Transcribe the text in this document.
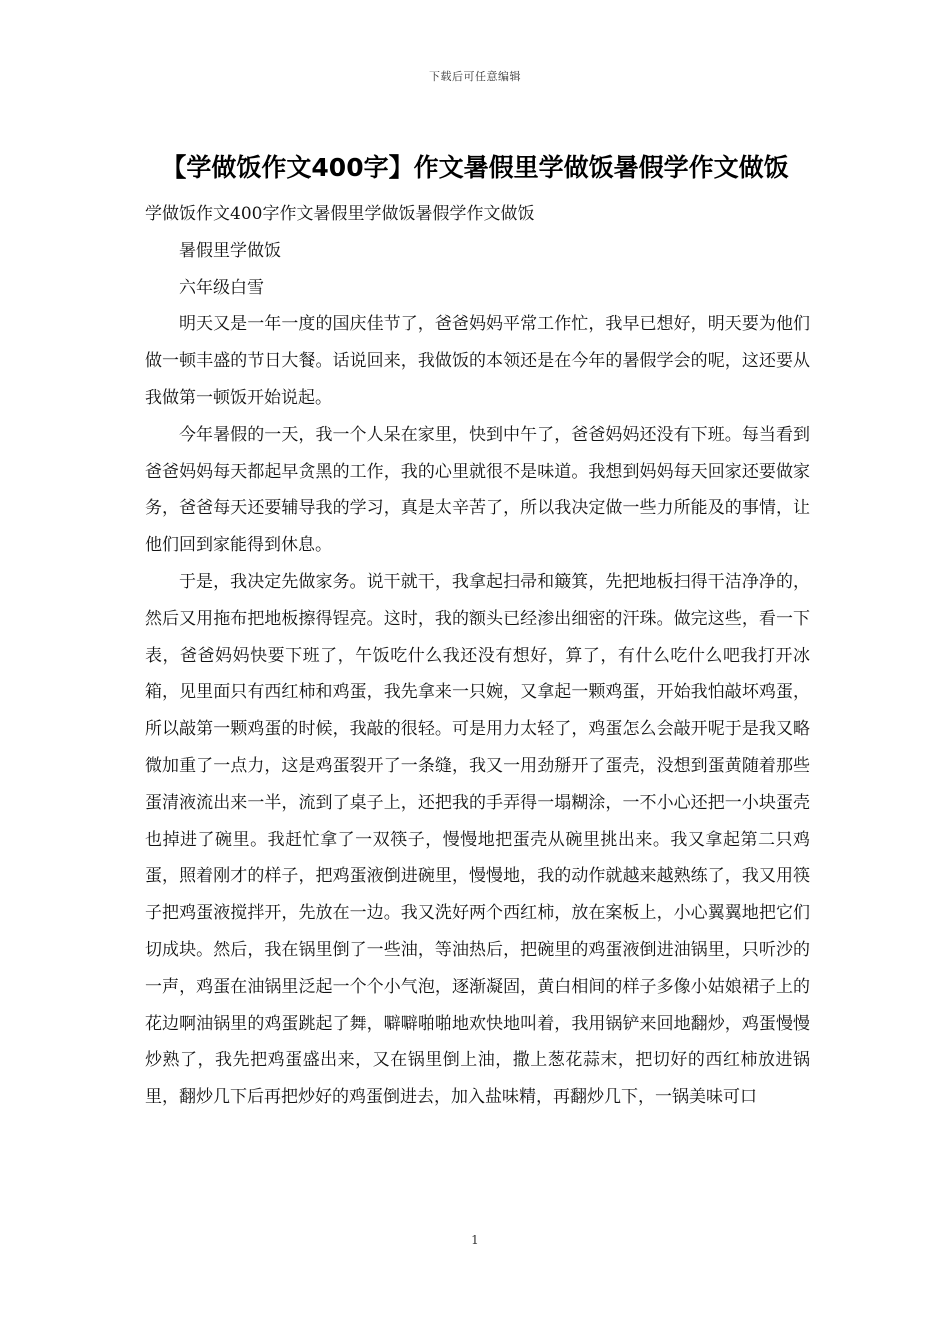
下载后可任意编辑
【学做饭作文400字】作文暑假里学做饭暑假学作文做饭

学做饭作文400字作文暑假里学做饭暑假学作文做饭

暑假里学做饭

六年级白雪

明天又是一年一度的国庆佳节了，爸爸妈妈平常工作忙，我早已想好，明天要为他们做一顿丰盛的节日大餐。话说回来，我做饭的本领还是在今年的暑假学会的呢，这还要从我做第一顿饭开始说起。

今年暑假的一天，我一个人呆在家里，快到中午了，爸爸妈妈还没有下班。每当看到爸爸妈妈每天都起早贪黑的工作，我的心里就很不是味道。我想到妈妈每天回家还要做家务，爸爸每天还要辅导我的学习，真是太辛苦了，所以我决定做一些力所能及的事情，让他们回到家能得到休息。

于是，我决定先做家务。说干就干，我拿起扫帚和簸箕，先把地板扫得干洁净净的，然后又用拖布把地板擦得锃亮。这时，我的额头已经渗出细密的汗珠。做完这些，看一下表，爸爸妈妈快要下班了，午饭吃什么我还没有想好，算了，有什么吃什么吧我打开冰箱，见里面只有西红柿和鸡蛋，我先拿来一只婉，又拿起一颗鸡蛋，开始我怕敲坏鸡蛋，所以敲第一颗鸡蛋的时候，我敲的很轻。可是用力太轻了，鸡蛋怎么会敲开呢于是我又略微加重了一点力，这是鸡蛋裂开了一条缝，我又一用劲掰开了蛋壳，没想到蛋黄随着那些蛋清液流出来一半，流到了桌子上，还把我的手弄得一塌糊涂，一不小心还把一小块蛋壳也掉进了碗里。我赶忙拿了一双筷子，慢慢地把蛋壳从碗里挑出来。我又拿起第二只鸡蛋，照着刚才的样子，把鸡蛋液倒进碗里，慢慢地，我的动作就越来越熟练了，我又用筷子把鸡蛋液搅拌开，先放在一边。我又洗好两个西红柿，放在案板上，小心翼翼地把它们切成块。然后，我在锅里倒了一些油，等油热后，把碗里的鸡蛋液倒进油锅里，只听沙的一声，鸡蛋在油锅里泛起一个个小气泡，逐渐凝固，黄白相间的样子多像小姑娘裙子上的花边啊油锅里的鸡蛋跳起了舞，噼噼啪啪地欢快地叫着，我用锅铲来回地翻炒，鸡蛋慢慢炒熟了，我先把鸡蛋盛出来，又在锅里倒上油，撒上葱花蒜末，把切好的西红柿放进锅里，翻炒几下后再把炒好的鸡蛋倒进去，加入盐味精，再翻炒几下，一锅美味可口

1
